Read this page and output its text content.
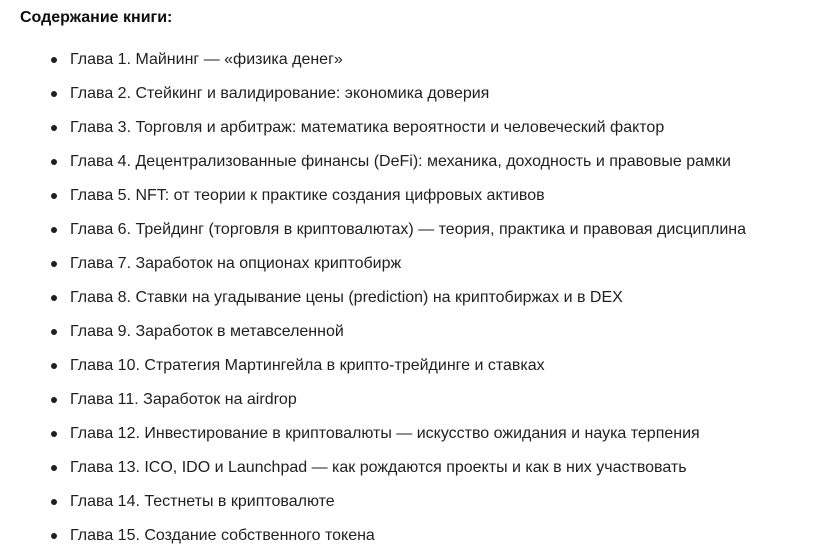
Содержание книги:

Глава 1. Майнинг — «физика денег»
Глава 2. Стейкинг и валидирование: экономика доверия
Глава 3. Торговля и арбитраж: математика вероятности и человеческий фактор
Глава 4. Децентрализованные финансы (DeFi): механика, доходность и правовые рамки
Глава 5. NFT: от теории к практике создания цифровых активов
Глава 6. Трейдинг (торговля в криптовалютах) — теория, практика и правовая дисциплина
Глава 7. Заработок на опционах криптобирж
Глава 8. Ставки на угадывание цены (prediction) на криптобиржах и в DEX
Глава 9. Заработок в метавселенной
Глава 10. Стратегия Мартингейла в крипто-трейдинге и ставках
Глава 11. Заработок на airdrop
Глава 12. Инвестирование в криптовалюты — искусство ожидания и наука терпения
Глава 13. ICO, IDO и Launchpad — как рождаются проекты и как в них участвовать
Глава 14. Тестнеты в криптовалюте
Глава 15. Создание собственного токена
